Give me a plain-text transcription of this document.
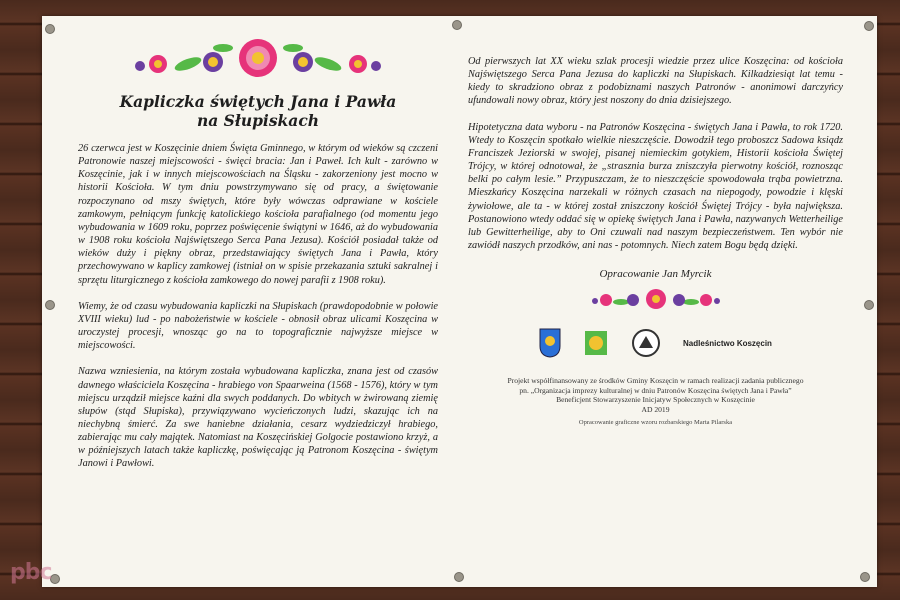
Kapliczka świętych Jana i Pawła na Słupiskach

26 czerwca jest w Koszęcinie dniem Święta Gminnego, w którym od wieków są czczeni Patronowie naszej miejscowości - święci bracia: Jan i Paweł. Ich kult - zarówno w Koszęcinie, jak i w innych miejscowościach na Śląsku - zakorzeniony jest mocno w historii Kościoła. W tym dniu powstrzymywano się od pracy, a świętowanie rozpoczynano od mszy świętych, które były wówczas odprawiane w kościele zamkowym, pełniącym funkcję katolickiego kościoła parafialnego (od momentu jego wybudowania w 1609 roku, poprzez poświęcenie świątyni w 1646, aż do wybudowania w 1908 roku kościoła Najświętszego Serca Pana Jezusa). Kościół posiadał także od wieków duży i piękny obraz, przedstawiający świętych Jana i Pawła, który przechowywano w kaplicy zamkowej (istniał on w spisie przekazania sztuki sakralnej i sprzętu liturgicznego z kościoła zamkowego do nowej parafii z 1908 roku).

Wiemy, że od czasu wybudowania kapliczki na Słupiskach (prawdopodobnie w połowie XVIII wieku) lud - po nabożeństwie w kościele - obnosił obraz ulicami Koszęcina w uroczystej procesji, wnosząc go na to topograficznie najwyższe miejsce w miejscowości.

Nazwa wzniesienia, na którym została wybudowana kapliczka, znana jest od czasów dawnego właściciela Koszęcina - hrabiego von Spaarweina (1568 - 1576), który w tym miejscu urządził miejsce kaźni dla swych poddanych. Do wbitych w żwirowaną ziemię słupów (stąd Słupiska), przywiązywano wycieńczonych ludzi, skazując ich na niechybną śmierć. Za swe haniebne działania, cesarz wydziedziczył hrabiego, zabierając mu cały majątek. Natomiast na Koszęcińskiej Golgocie postawiono krzyż, a w późniejszych latach także kapliczkę, poświęcając ją Patronom Koszęcina - świętym Janowi i Pawłowi.

Od pierwszych lat XX wieku szlak procesji wiedzie przez ulice Koszęcina: od kościoła Najświętszego Serca Pana Jezusa do kapliczki na Słupiskach. Kilkadziesiąt lat temu - kiedy to skradziono obraz z podobiznami naszych Patronów - anonimowi darczyńcy ufundowali nowy obraz, który jest noszony do dnia dzisiejszego.

Hipotetyczna data wyboru - na Patronów Koszęcina - świętych Jana i Pawła, to rok 1720. Wtedy to Koszęcin spotkało wielkie nieszczęście. Dowodził tego proboszcz Sadowa ksiądz Franciszek Jeziorski w swojej, pisanej niemieckim gotykiem, Historii kościoła Świętej Trójcy, w której odnotował, że „strasznia burza zniszczyła pierwotny kościół, roznosząc belki po całym lesie.” Przypuszczam, że to nieszczęście spowodowała trąba powietrzna. Mieszkańcy Koszęcina narzekali w różnych czasach na niepogody, powodzie i klęski żywiołowe, ale ta - w której został zniszczony kościół Świętej Trójcy - była największa. Postanowiono wtedy oddać się w opiekę świętych Jana i Pawła, nazywanych Wetterheilige lub Gewitterheilige, aby to Oni czuwali nad naszym bezpieczeństwem. Ten wybór nie zawiódł naszych przodków, ani nas - potomnych. Niech zatem Bogu będą dzięki.

Opracowanie Jan Myrcik
Nadleśnictwo Koszęcin
Projekt współfinansowany ze środków Gminy Koszęcin w ramach realizacji zadania publicznego
pn. „Organizacja imprezy kulturalnej w dniu Patronów Koszęcina świętych Jana i Pawła”
Beneficjent Stowarzyszenie Inicjatyw Społecznych w Koszęcinie
AD 2019
Opracowanie graficzne wzoru rozbarskiego Marta Pilarska
pbc
